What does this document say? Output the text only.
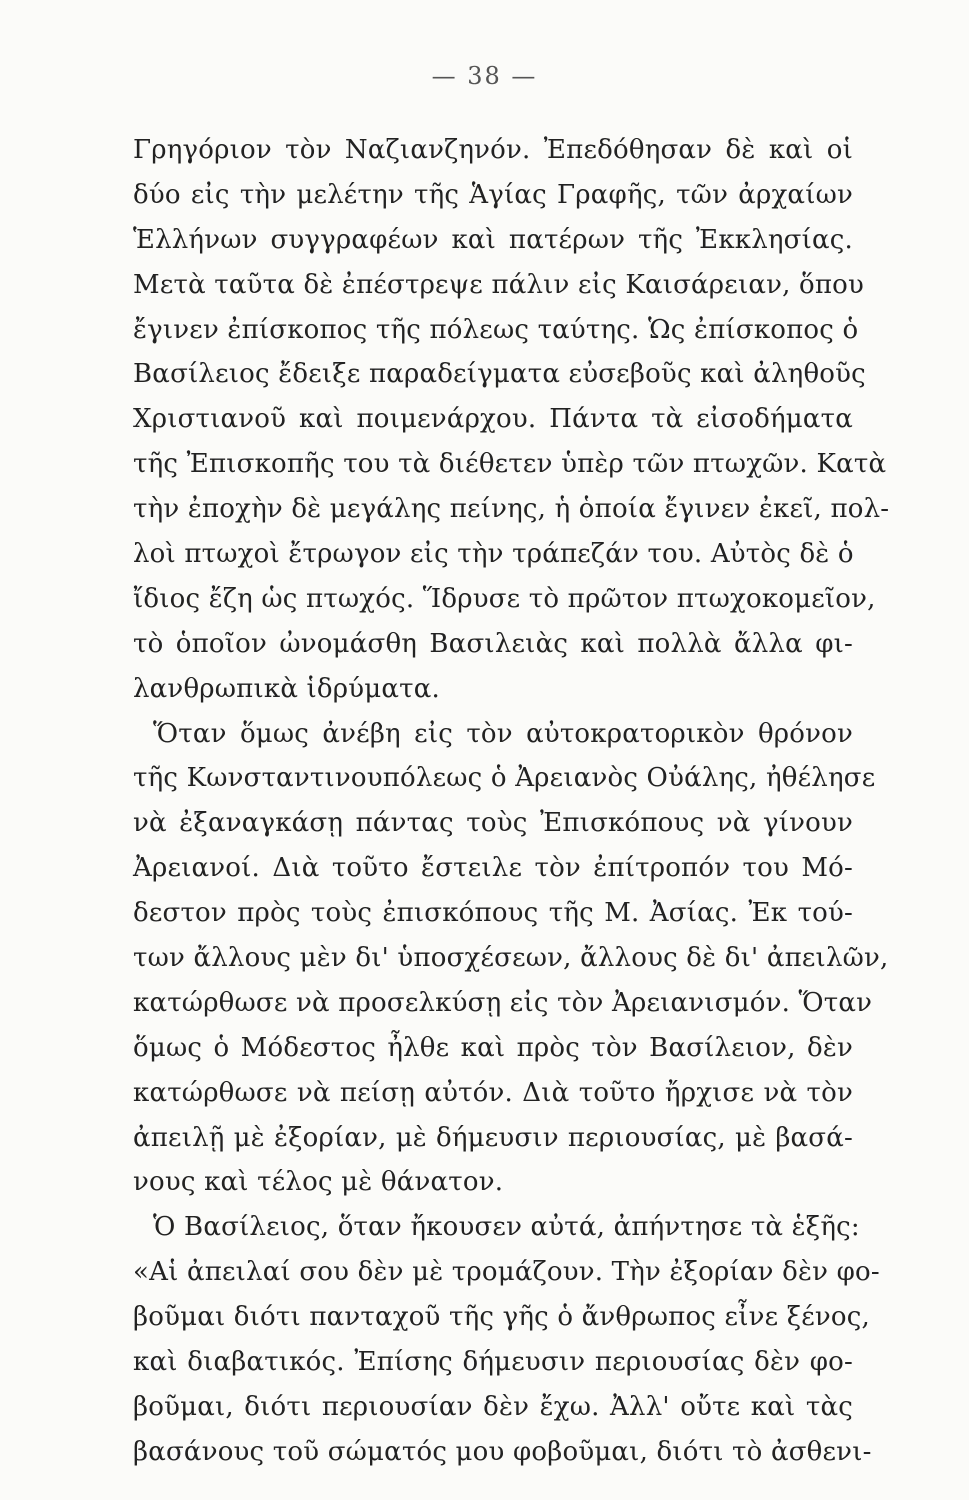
— 38 —
Γρηγόριον τὸν Ναζιανζηνόν. Ἐπεδόθησαν δὲ καὶ οἱ
δύο εἰς τὴν μελέτην τῆς Ἁγίας Γραφῆς, τῶν ἀρχαίων
Ἑλλήνων συγγραφέων καὶ πατέρων τῆς Ἐκκλησίας.
Μετὰ ταῦτα δὲ ἐπέστρεψε πάλιν εἰς Καισάρειαν, ὅπου
ἔγινεν ἐπίσκοπος τῆς πόλεως ταύτης. Ὡς ἐπίσκοπος ὁ
Βασίλειος ἔδειξε παραδείγματα εὐσεβοῦς καὶ ἀληθοῦς
Χριστιανοῦ καὶ ποιμενάρχου. Πάντα τὰ εἰσοδήματα
τῆς Ἐπισκοπῆς του τὰ διέθετεν ὑπὲρ τῶν πτωχῶν. Κατὰ
τὴν ἐποχὴν δὲ μεγάλης πείνης, ἡ ὁποία ἔγινεν ἐκεῖ, πολ-
λοὶ πτωχοὶ ἔτρωγον εἰς τὴν τράπεζάν του. Αὐτὸς δὲ ὁ
ἴδιος ἔζη ὡς πτωχός. Ἵδρυσε τὸ πρῶτον πτωχοκομεῖον,
τὸ ὁποῖον ὠνομάσθη Βασιλειὰς καὶ πολλὰ ἄλλα φι-
λανθρωπικὰ ἱδρύματα.
Ὅταν ὅμως ἀνέβη εἰς τὸν αὐτοκρατορικὸν θρόνον
τῆς Κωνσταντινουπόλεως ὁ Ἀρειανὸς Οὐάλης, ἠθέλησε
νὰ ἐξαναγκάσῃ πάντας τοὺς Ἐπισκόπους νὰ γίνουν
Ἀρειανοί. Διὰ τοῦτο ἔστειλε τὸν ἐπίτροπόν του Μό-
δεστον πρὸς τοὺς ἐπισκόπους τῆς Μ. Ἀσίας. Ἐκ τού-
των ἄλλους μὲν δι' ὑποσχέσεων, ἄλλους δὲ δι' ἀπειλῶν,
κατώρθωσε νὰ προσελκύσῃ εἰς τὸν Ἀρειανισμόν. Ὅταν
ὅμως ὁ Μόδεστος ἦλθε καὶ πρὸς τὸν Βασίλειον, δὲν
κατώρθωσε νὰ πείσῃ αὐτόν. Διὰ τοῦτο ἤρχισε νὰ τὸν
ἀπειλῇ μὲ ἐξορίαν, μὲ δήμευσιν περιουσίας, μὲ βασά-
νους καὶ τέλος μὲ θάνατον.
Ὁ Βασίλειος, ὅταν ἤκουσεν αὐτά, ἀπήντησε τὰ ἑξῆς:
«Αἱ ἀπειλαί σου δὲν μὲ τρομάζουν. Τὴν ἐξορίαν δὲν φο-
βοῦμαι διότι πανταχοῦ τῆς γῆς ὁ ἄνθρωπος εἶνε ξένος,
καὶ διαβατικός. Ἐπίσης δήμευσιν περιουσίας δὲν φο-
βοῦμαι, διότι περιουσίαν δὲν ἔχω. Ἀλλ' οὔτε καὶ τὰς
βασάνους τοῦ σώματός μου φοβοῦμαι, διότι τὸ ἀσθενι-
